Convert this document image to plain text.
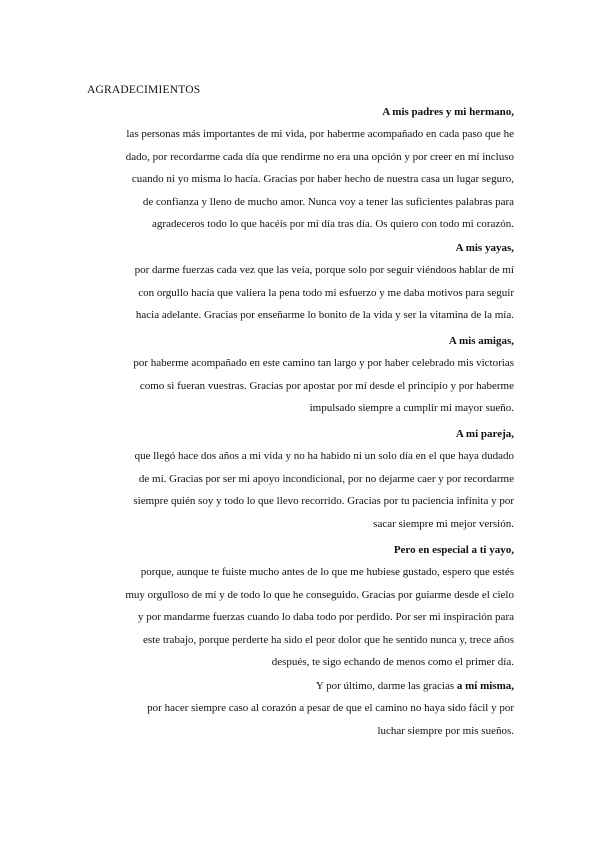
AGRADECIMIENTOS
A mis padres y mi hermano,
las personas más importantes de mi vida, por haberme acompañado en cada paso que he
dado, por recordarme cada día que rendirme no era una opción y por creer en mí incluso
cuando ni yo misma lo hacía. Gracias por haber hecho de nuestra casa un lugar seguro,
de confianza y lleno de mucho amor. Nunca voy a tener las suficientes palabras para
agradeceros todo lo que hacéis por mí día tras día. Os quiero con todo mi corazón.
A mis yayas,
por darme fuerzas cada vez que las veía, porque solo por seguir viéndoos hablar de mí
con orgullo hacía que valiera la pena todo mi esfuerzo y me daba motivos para seguir
hacia adelante. Gracias por enseñarme lo bonito de la vida y ser la vitamina de la mía.
A mis amigas,
por haberme acompañado en este camino tan largo y por haber celebrado mis victorias
como si fueran vuestras. Gracias por apostar por mí desde el principio y por haberme
impulsado siempre a cumplir mi mayor sueño.
A mi pareja,
que llegó hace dos años a mi vida y no ha habido ni un solo día en el que haya dudado
de mí. Gracias por ser mi apoyo incondicional, por no dejarme caer y por recordarme
siempre quién soy y todo lo que llevo recorrido. Gracias por tu paciencia infinita y por
sacar siempre mi mejor versión.
Pero en especial a ti yayo,
porque, aunque te fuiste mucho antes de lo que me hubiese gustado, espero que estés
muy orgulloso de mí y de todo lo que he conseguido. Gracias por guiarme desde el cielo
y por mandarme fuerzas cuando lo daba todo por perdido. Por ser mi inspiración para
este trabajo, porque perderte ha sido el peor dolor que he sentido nunca y, trece años
después, te sigo echando de menos como el primer día.
Y por último, darme las gracias a mí misma,
por hacer siempre caso al corazón a pesar de que el camino no haya sido fácil y por
luchar siempre por mis sueños.
